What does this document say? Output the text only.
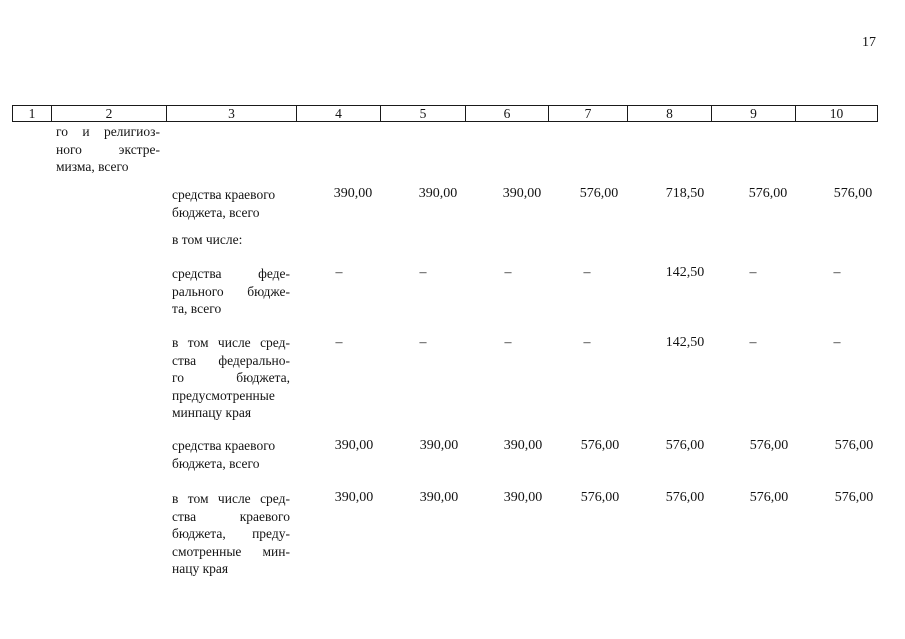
17
1	2	3	4	5	6	7	8	9	10
го и религиоз-
ного экстре-
мизма, всего
средства краевого
бюджета, всего
390,00	390,00	390,00	576,00	718,50	576,00	576,00
в том числе:
средства феде-
рального бюдже-
та, всего
–	–	–	–	142,50	–	–
в том числе сред-
ства федерально-
го бюджета,
предусмотренные
минпацу края
–	–	–	–	142,50	–	–
средства краевого
бюджета, всего
390,00	390,00	390,00	576,00	576,00	576,00	576,00
в том числе сред-
ства краевого
бюджета, преду-
смотренные мин-
нацу края
390,00	390,00	390,00	576,00	576,00	576,00	576,00
